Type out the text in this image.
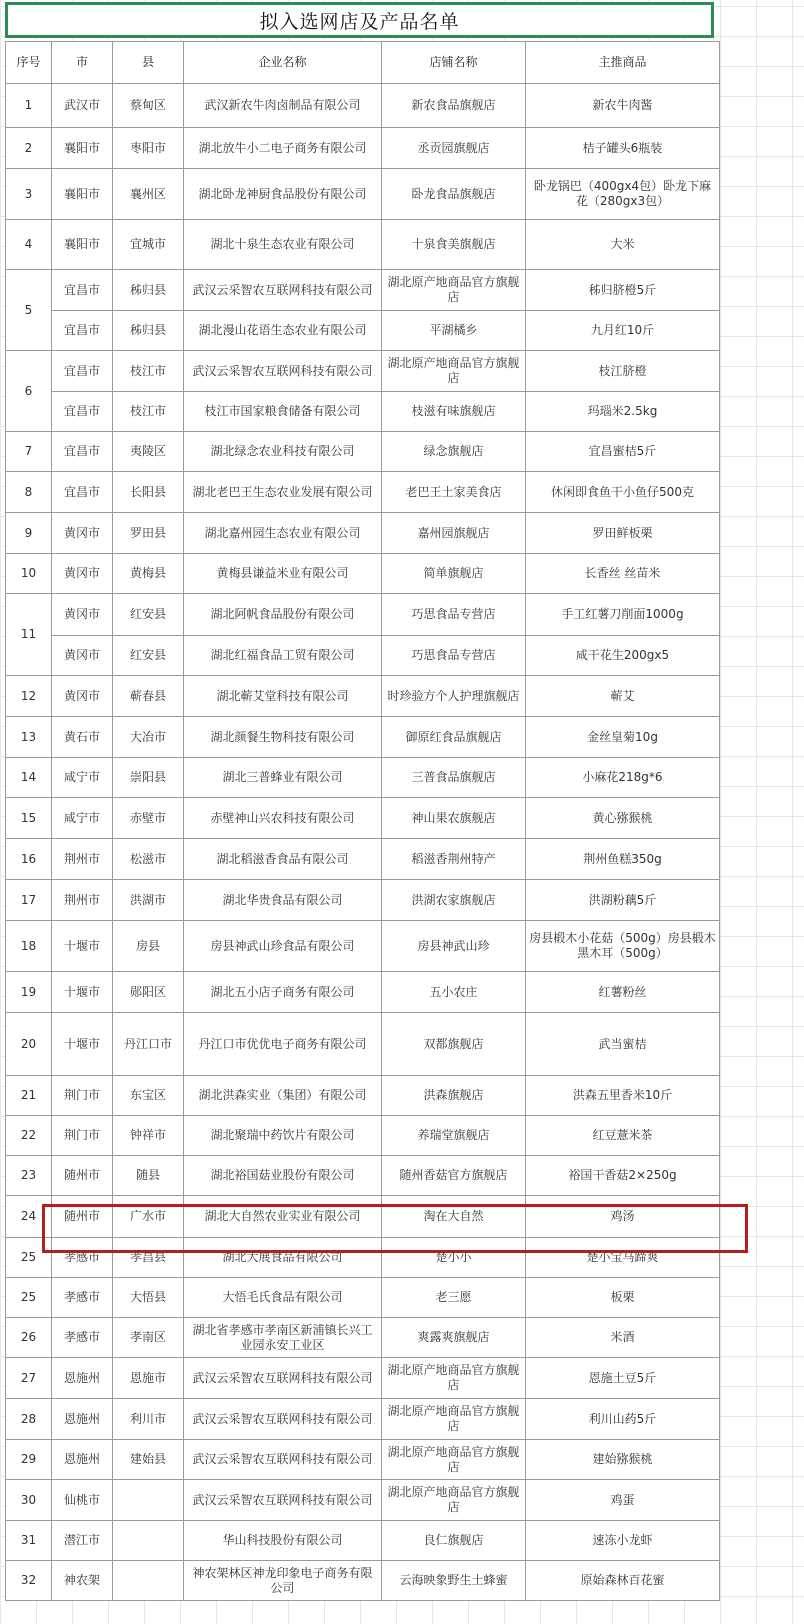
拟入选网店及产品名单
序号	市	县	企业名称	店铺名称	主推商品
1	武汉市	蔡甸区	武汉新农牛肉卤制品有限公司	新农食品旗舰店	新农牛肉酱
2	襄阳市	枣阳市	湖北放牛小二电子商务有限公司	丞贡园旗舰店	桔子罐头6瓶装
3	襄阳市	襄州区	湖北卧龙神厨食品股份有限公司	卧龙食品旗舰店	卧龙锅巴（400gx4包）卧龙下麻花（280gx3包）
4	襄阳市	宜城市	湖北十泉生态农业有限公司	十泉食美旗舰店	大米
5	宜昌市	秭归县	武汉云采智农互联网科技有限公司	湖北原产地商品官方旗舰店	秭归脐橙5斤
	宜昌市	秭归县	湖北漫山花语生态农业有限公司	平湖橘乡	九月红10斤
6	宜昌市	枝江市	武汉云采智农互联网科技有限公司	湖北原产地商品官方旗舰店	枝江脐橙
	宜昌市	枝江市	枝江市国家粮食储备有限公司	枝滋有味旗舰店	玛瑙米2.5kg
7	宜昌市	夷陵区	湖北绿念农业科技有限公司	绿念旗舰店	宜昌蜜桔5斤
8	宜昌市	长阳县	湖北老巴王生态农业发展有限公司	老巴王土家美食店	休闲即食鱼干小鱼仔500克
9	黄冈市	罗田县	湖北嘉州园生态农业有限公司	嘉州园旗舰店	罗田鲜板栗
10	黄冈市	黄梅县	黄梅县谦益米业有限公司	简单旗舰店	长香丝 丝苗米
11	黄冈市	红安县	湖北阿帆食品股份有限公司	巧思食品专营店	手工红薯刀削面1000g
	黄冈市	红安县	湖北红福食品工贸有限公司	巧思食品专营店	咸干花生200gx5
12	黄冈市	蕲春县	湖北蕲艾堂科技有限公司	时珍验方个人护理旗舰店	蕲艾
13	黄石市	大冶市	湖北颜餐生物科技有限公司	御原红食品旗舰店	金丝皇菊10g
14	咸宁市	崇阳县	湖北三普蜂业有限公司	三普食品旗舰店	小麻花218g*6
15	咸宁市	赤壁市	赤壁神山兴农科技有限公司	神山果农旗舰店	黄心猕猴桃
16	荆州市	松滋市	湖北稻滋香食品有限公司	稻滋香荆州特产	荆州鱼糕350g
17	荆州市	洪湖市	湖北华贵食品有限公司	洪湖农家旗舰店	洪湖粉藕5斤
18	十堰市	房县	房县神武山珍食品有限公司	房县神武山珍	房县椴木小花菇（500g）房县椴木黑木耳（500g）
19	十堰市	郧阳区	湖北五小店子商务有限公司	五小农庄	红薯粉丝
20	十堰市	丹江口市	丹江口市优优电子商务有限公司	双都旗舰店	武当蜜桔
21	荆门市	东宝区	湖北洪森实业（集团）有限公司	洪森旗舰店	洪森五里香米10斤
22	荆门市	钟祥市	湖北聚瑞中药饮片有限公司	养瑞堂旗舰店	红豆薏米茶
23	随州市	随县	湖北裕国菇业股份有限公司	随州香菇官方旗舰店	裕国干香菇2×250g
24	随州市	广水市	湖北大自然农业实业有限公司	淘在大自然	鸡汤
25	孝感市	孝昌县	湖北大展食品有限公司	楚小小	楚小宝马蹄爽
25	孝感市	大悟县	大悟毛氏食品有限公司	老三愿	板栗
26	孝感市	孝南区	湖北省孝感市孝南区新浦镇长兴工业园永安工业区	爽露爽旗舰店	米酒
27	恩施州	恩施市	武汉云采智农互联网科技有限公司	湖北原产地商品官方旗舰店	恩施土豆5斤
28	恩施州	利川市	武汉云采智农互联网科技有限公司	湖北原产地商品官方旗舰店	利川山药5斤
29	恩施州	建始县	武汉云采智农互联网科技有限公司	湖北原产地商品官方旗舰店	建始猕猴桃
30	仙桃市		武汉云采智农互联网科技有限公司	湖北原产地商品官方旗舰店	鸡蛋
31	潜江市		华山科技股份有限公司	良仁旗舰店	速冻小龙虾
32	神农架		神农架林区神龙印象电子商务有限公司	云海映象野生土蜂蜜	原始森林百花蜜
